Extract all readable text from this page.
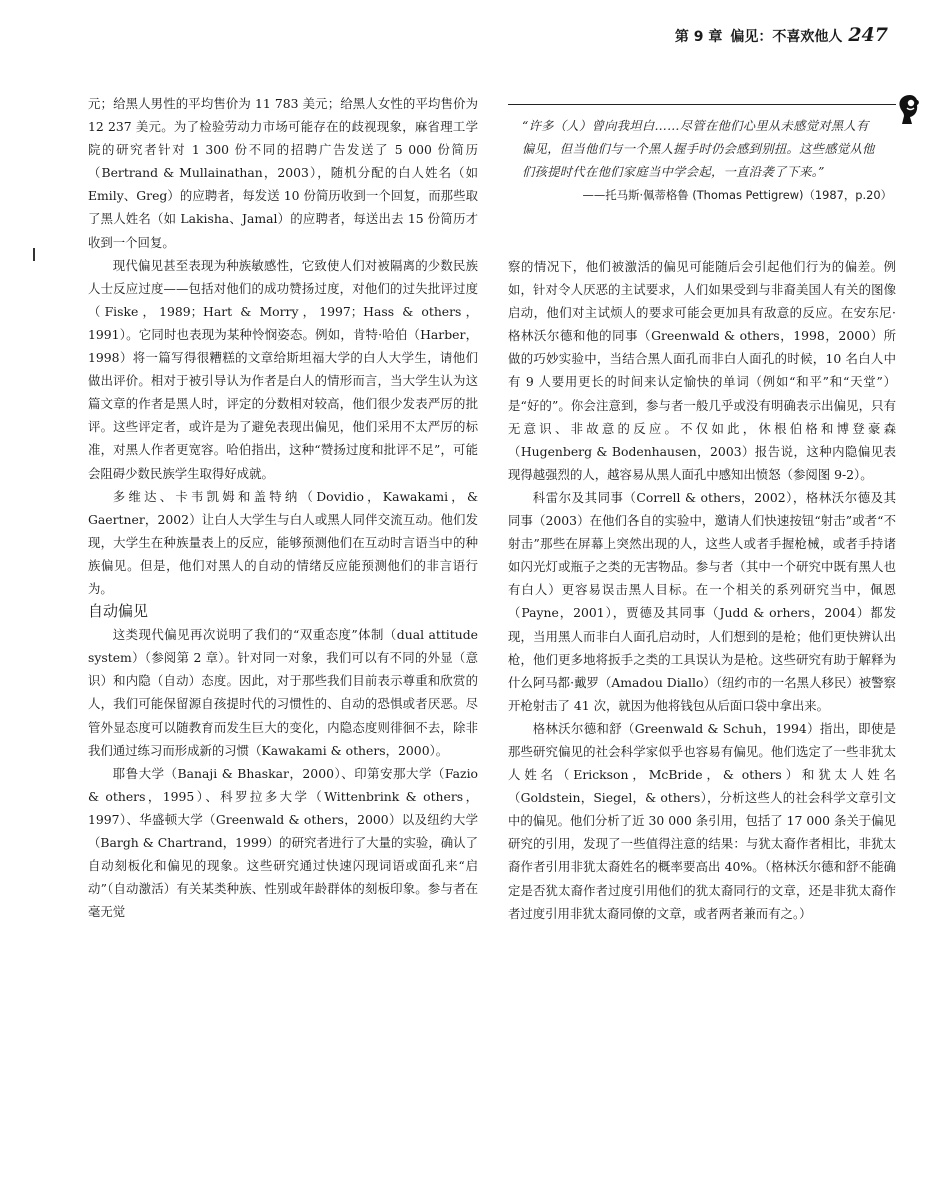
第 9 章 偏见：不喜欢他人 247

“许多（人）曾向我坦白……尽管在他们心里从未感觉对黑人有偏见，但当他们与一个黑人握手时仍会感到别扭。这些感觉从他们孩提时代在他们家庭当中学会起，一直沿袭了下来。”

——托马斯·佩蒂格鲁 (Thomas Pettigrew)（1987，p.20）

元；给黑人男性的平均售价为 11 783 美元；给黑人女性的平均售价为 12 237 美元。为了检验劳动力市场可能存在的歧视现象，麻省理工学院的研究者针对 1 300 份不同的招聘广告发送了 5 000 份简历（Bertrand & Mullainathan，2003），随机分配的白人姓名（如 Emily、Greg）的应聘者，每发送 10 份简历收到一个回复，而那些取了黑人姓名（如 Lakisha、Jamal）的应聘者，每送出去 15 份简历才收到一个回复。

现代偏见甚至表现为种族敏感性，它致使人们对被隔离的少数民族人士反应过度——包括对他们的成功赞扬过度，对他们的过失批评过度（Fiske，1989；Hart & Morry，1997；Hass & others，1991）。它同时也表现为某种怜悯姿态。例如，肯特·哈伯（Harber，1998）将一篇写得很糟糕的文章给斯坦福大学的白人大学生，请他们做出评价。相对于被引导认为作者是白人的情形而言，当大学生认为这篇文章的作者是黑人时，评定的分数相对较高，他们很少发表严厉的批评。这些评定者，或许是为了避免表现出偏见，他们采用不太严厉的标准，对黑人作者更宽容。哈伯指出，这种“赞扬过度和批评不足”，可能会阻碍少数民族学生取得好成就。

多维达、卡韦凯姆和盖特纳（Dovidio，Kawakami，& Gaertner，2002）让白人大学生与白人或黑人同伴交流互动。他们发现，大学生在种族量表上的反应，能够预测他们在互动时言语当中的种族偏见。但是，他们对黑人的自动的情绪反应能预测他们的非言语行为。

自动偏见

这类现代偏见再次说明了我们的“双重态度”体制（dual attitude system）（参阅第 2 章）。针对同一对象，我们可以有不同的外显（意识）和内隐（自动）态度。因此，对于那些我们目前表示尊重和欣赏的人，我们可能保留源自孩提时代的习惯性的、自动的恐惧或者厌恶。尽管外显态度可以随教育而发生巨大的变化，内隐态度则徘徊不去，除非我们通过练习而形成新的习惯（Kawakami & others，2000）。

耶鲁大学（Banaji & Bhaskar，2000）、印第安那大学（Fazio & others，1995）、科罗拉多大学（Wittenbrink & others，1997）、华盛顿大学（Greenwald & others，2000）以及纽约大学（Bargh & Chartrand，1999）的研究者进行了大量的实验，确认了自动刻板化和偏见的现象。这些研究通过快速闪现词语或面孔来“启动”（自动激活）有关某类种族、性别或年龄群体的刻板印象。参与者在毫无觉

察的情况下，他们被激活的偏见可能随后会引起他们行为的偏差。例如，针对令人厌恶的主试要求，人们如果受到与非裔美国人有关的图像启动，他们对主试烦人的要求可能会更加具有敌意的反应。在安东尼·格林沃尔德和他的同事（Greenwald & others，1998，2000）所做的巧妙实验中，当结合黑人面孔而非白人面孔的时候，10 名白人中有 9 人要用更长的时间来认定愉快的单词（例如“和平”和“天堂”）是“好的”。你会注意到，参与者一般几乎或没有明确表示出偏见，只有无意识、非故意的反应。不仅如此，休根伯格和博登豪森（Hugenberg & Bodenhausen，2003）报告说，这种内隐偏见表现得越强烈的人，越容易从黑人面孔中感知出愤怒（参阅图 9-2）。

科雷尔及其同事（Correll & others，2002），格林沃尔德及其同事（2003）在他们各自的实验中，邀请人们快速按钮“射击”或者“不射击”那些在屏幕上突然出现的人，这些人或者手握枪械，或者手持诸如闪光灯或瓶子之类的无害物品。参与者（其中一个研究中既有黑人也有白人）更容易误击黑人目标。在一个相关的系列研究当中，佩恩（Payne，2001），贾德及其同事（Judd & orhers，2004）都发现，当用黑人而非白人面孔启动时，人们想到的是枪；他们更快辨认出枪，他们更多地将扳手之类的工具误认为是枪。这些研究有助于解释为什么阿马都·戴罗（Amadou Diallo）（纽约市的一名黑人移民）被警察开枪射击了 41 次，就因为他将钱包从后面口袋中拿出来。

格林沃尔德和舒（Greenwald & Schuh，1994）指出，即使是那些研究偏见的社会科学家似乎也容易有偏见。他们选定了一些非犹太人姓名（Erickson，McBride，& others）和犹太人姓名（Goldstein，Siegel，& others），分析这些人的社会科学文章引文中的偏见。他们分析了近 30 000 条引用，包括了 17 000 条关于偏见研究的引用，发现了一些值得注意的结果：与犹太裔作者相比，非犹太裔作者引用非犹太裔姓名的概率要高出 40%。（格林沃尔德和舒不能确定是否犹太裔作者过度引用他们的犹太裔同行的文章，还是非犹太裔作者过度引用非犹太裔同僚的文章，或者两者兼而有之。）
